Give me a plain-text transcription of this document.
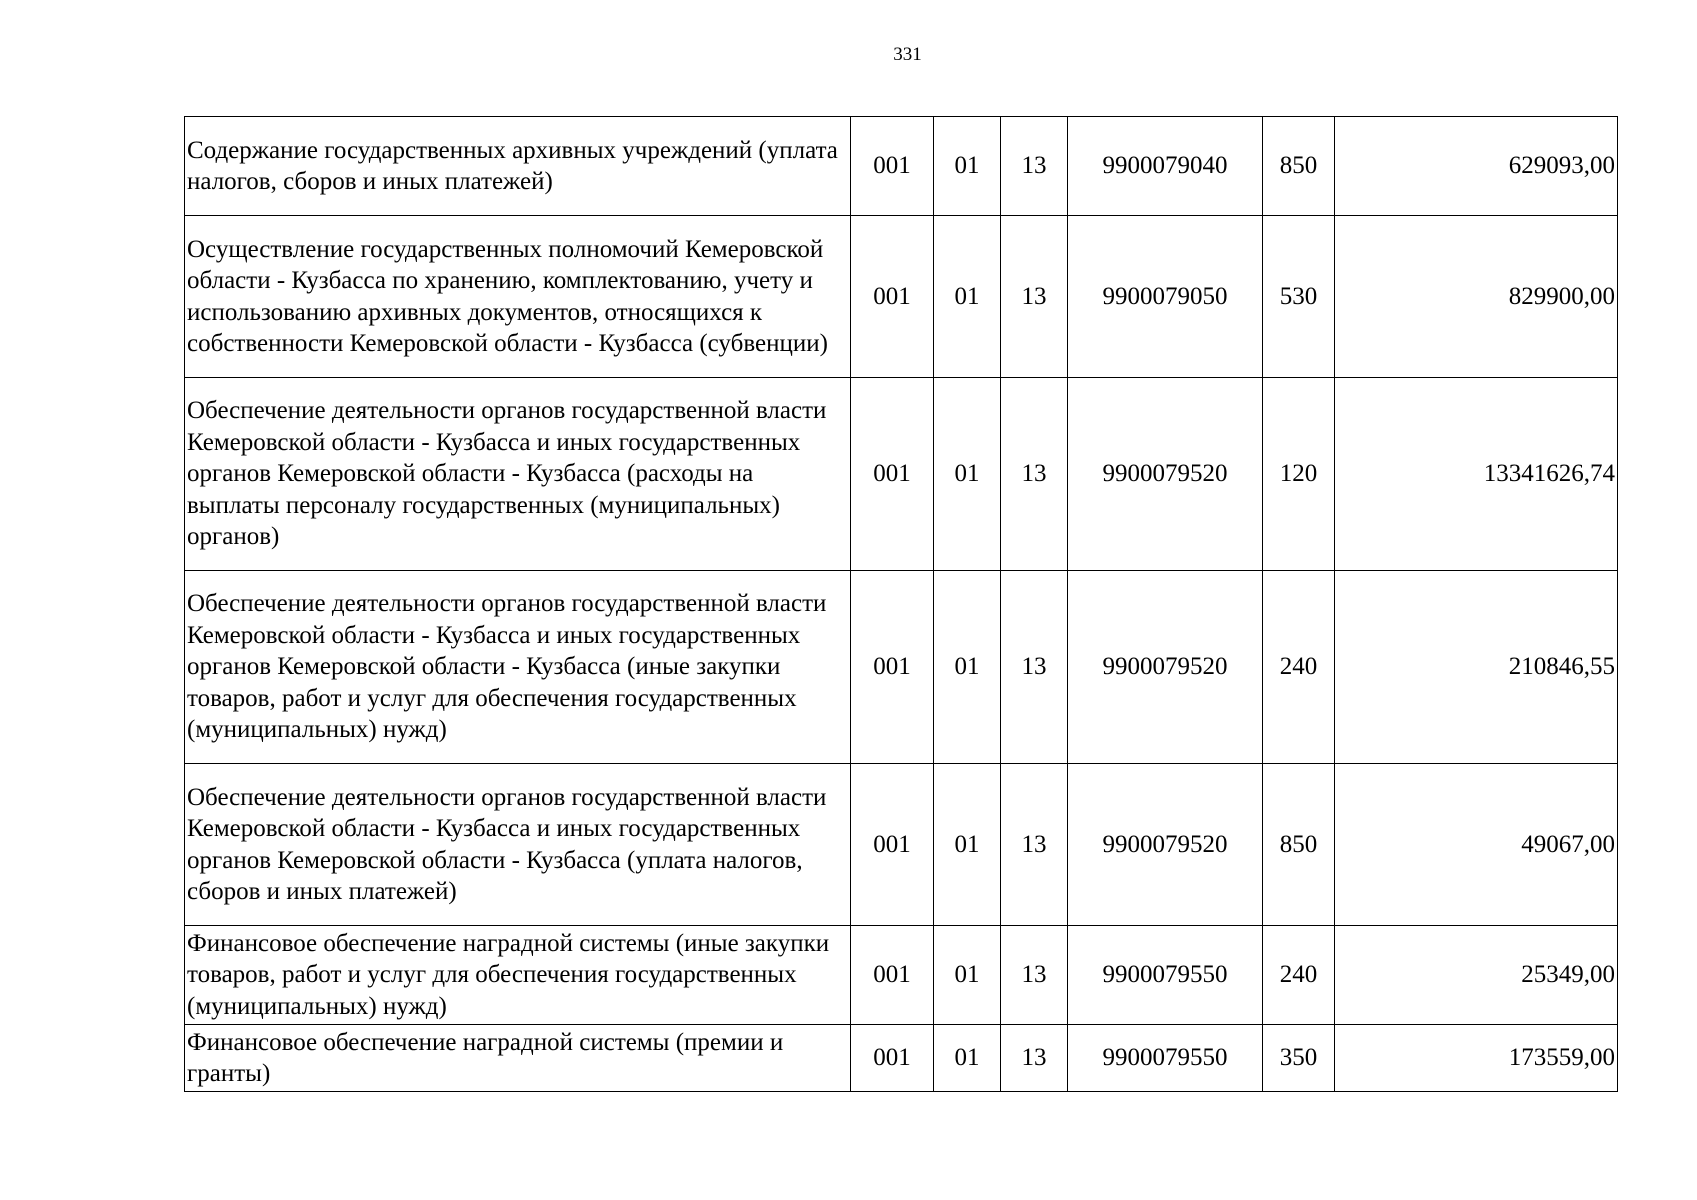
331
Содержание государственных архивных учреждений (уплата налогов, сборов и иных платежей)	001	01	13	9900079040	850	629093,00
Осуществление государственных полномочий Кемеровской области - Кузбасса по хранению, комплектованию, учету и использованию архивных документов, относящихся к собственности Кемеровской области - Кузбасса (субвенции)	001	01	13	9900079050	530	829900,00
Обеспечение деятельности органов государственной власти Кемеровской области - Кузбасса и иных государственных органов Кемеровской области - Кузбасса (расходы на выплаты персоналу государственных (муниципальных) органов)	001	01	13	9900079520	120	13341626,74
Обеспечение деятельности органов государственной власти Кемеровской области - Кузбасса и иных государственных органов Кемеровской области - Кузбасса (иные закупки товаров, работ и услуг для обеспечения государственных (муниципальных) нужд)	001	01	13	9900079520	240	210846,55
Обеспечение деятельности органов государственной власти Кемеровской области - Кузбасса и иных государственных органов Кемеровской области - Кузбасса (уплата налогов, сборов и иных платежей)	001	01	13	9900079520	850	49067,00
Финансовое обеспечение наградной системы (иные закупки товаров, работ и услуг для обеспечения государственных (муниципальных) нужд)	001	01	13	9900079550	240	25349,00
Финансовое обеспечение наградной системы (премии и гранты)	001	01	13	9900079550	350	173559,00
